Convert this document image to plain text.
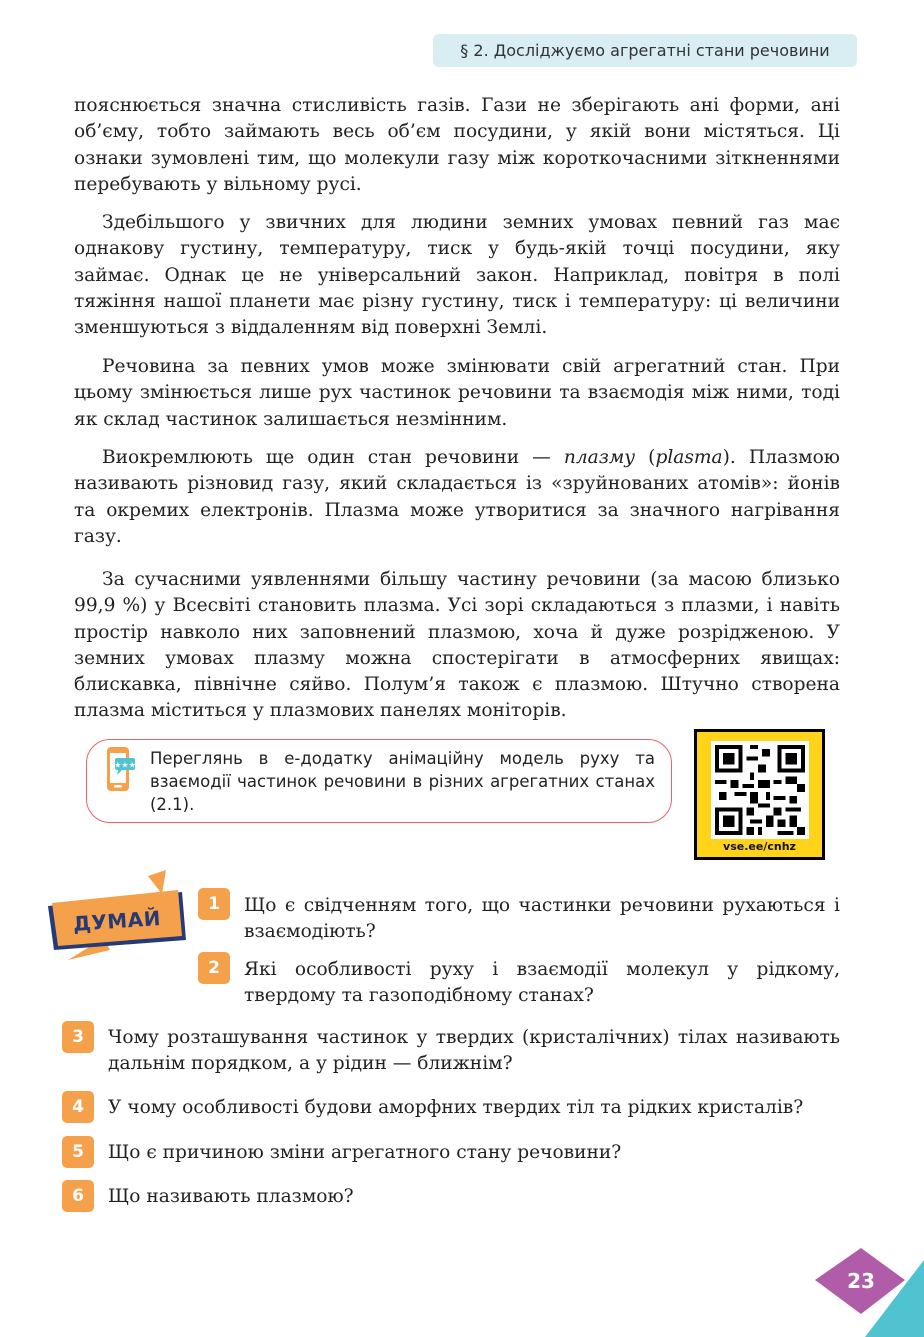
§ 2. Досліджуємо агрегатні стани речовини

пояснюється значна стисливість газів. Гази не зберігають ані форми, ані об’єму, тобто займають весь об’єм посудини, у якій вони містяться. Ці ознаки зумовлені тим, що молекули газу між короткочасними зіткненнями перебувають у вільному русі.

Здебільшого у звичних для людини земних умовах певний газ має однакову густину, температуру, тиск у будь-якій точці посудини, яку займає. Однак це не універсальний закон. Наприклад, повітря в полі тяжіння нашої планети має різну густину, тиск і температуру: ці величини зменшуються з віддаленням від поверхні Землі.

Речовина за певних умов може змінювати свій агрегатний стан. При цьому змінюється лише рух частинок речовини та взаємодія між ними, тоді як склад частинок залишається незмінним.

Виокремлюють ще один стан речовини — плазму (plasma). Плазмою називають різновид газу, який складається із «зруйнованих атомів»: йонів та окремих електронів. Плазма може утворитися за значного нагрівання газу.

За сучасними уявленнями більшу частину речовини (за масою близько 99,9 %) у Всесвіті становить плазма. Усі зорі складаються з плазми, і навіть простір навколо них заповнений плазмою, хоча й дуже розрідженою. У земних умовах плазму можна спостерігати в атмосферних явищах: блискавка, північне сяйво. Полум’я також є плазмою. Штучно створена плазма міститься у плазмових панелях моніторів.

★★★ Переглянь в е-додатку анімаційну модель руху та взаємодії частинок речовини в різних агрегатних станах (2.1).

vse.ee/cnhz
ДУМАЙ
1	Що є свідченням того, що частинки речовини рухаються і взаємодіють?

2	Які особливості руху і взаємодії молекул у рідкому, твердому та газоподібному станах?

3	Чому розташування частинок у твердих (кристалічних) тілах називають дальнім порядком, а у рідин — ближнім?

4	У чому особливості будови аморфних твердих тіл та рідких кристалів?

5	Що є причиною зміни агрегатного стану речовини?

6	Що називають плазмою?

23
